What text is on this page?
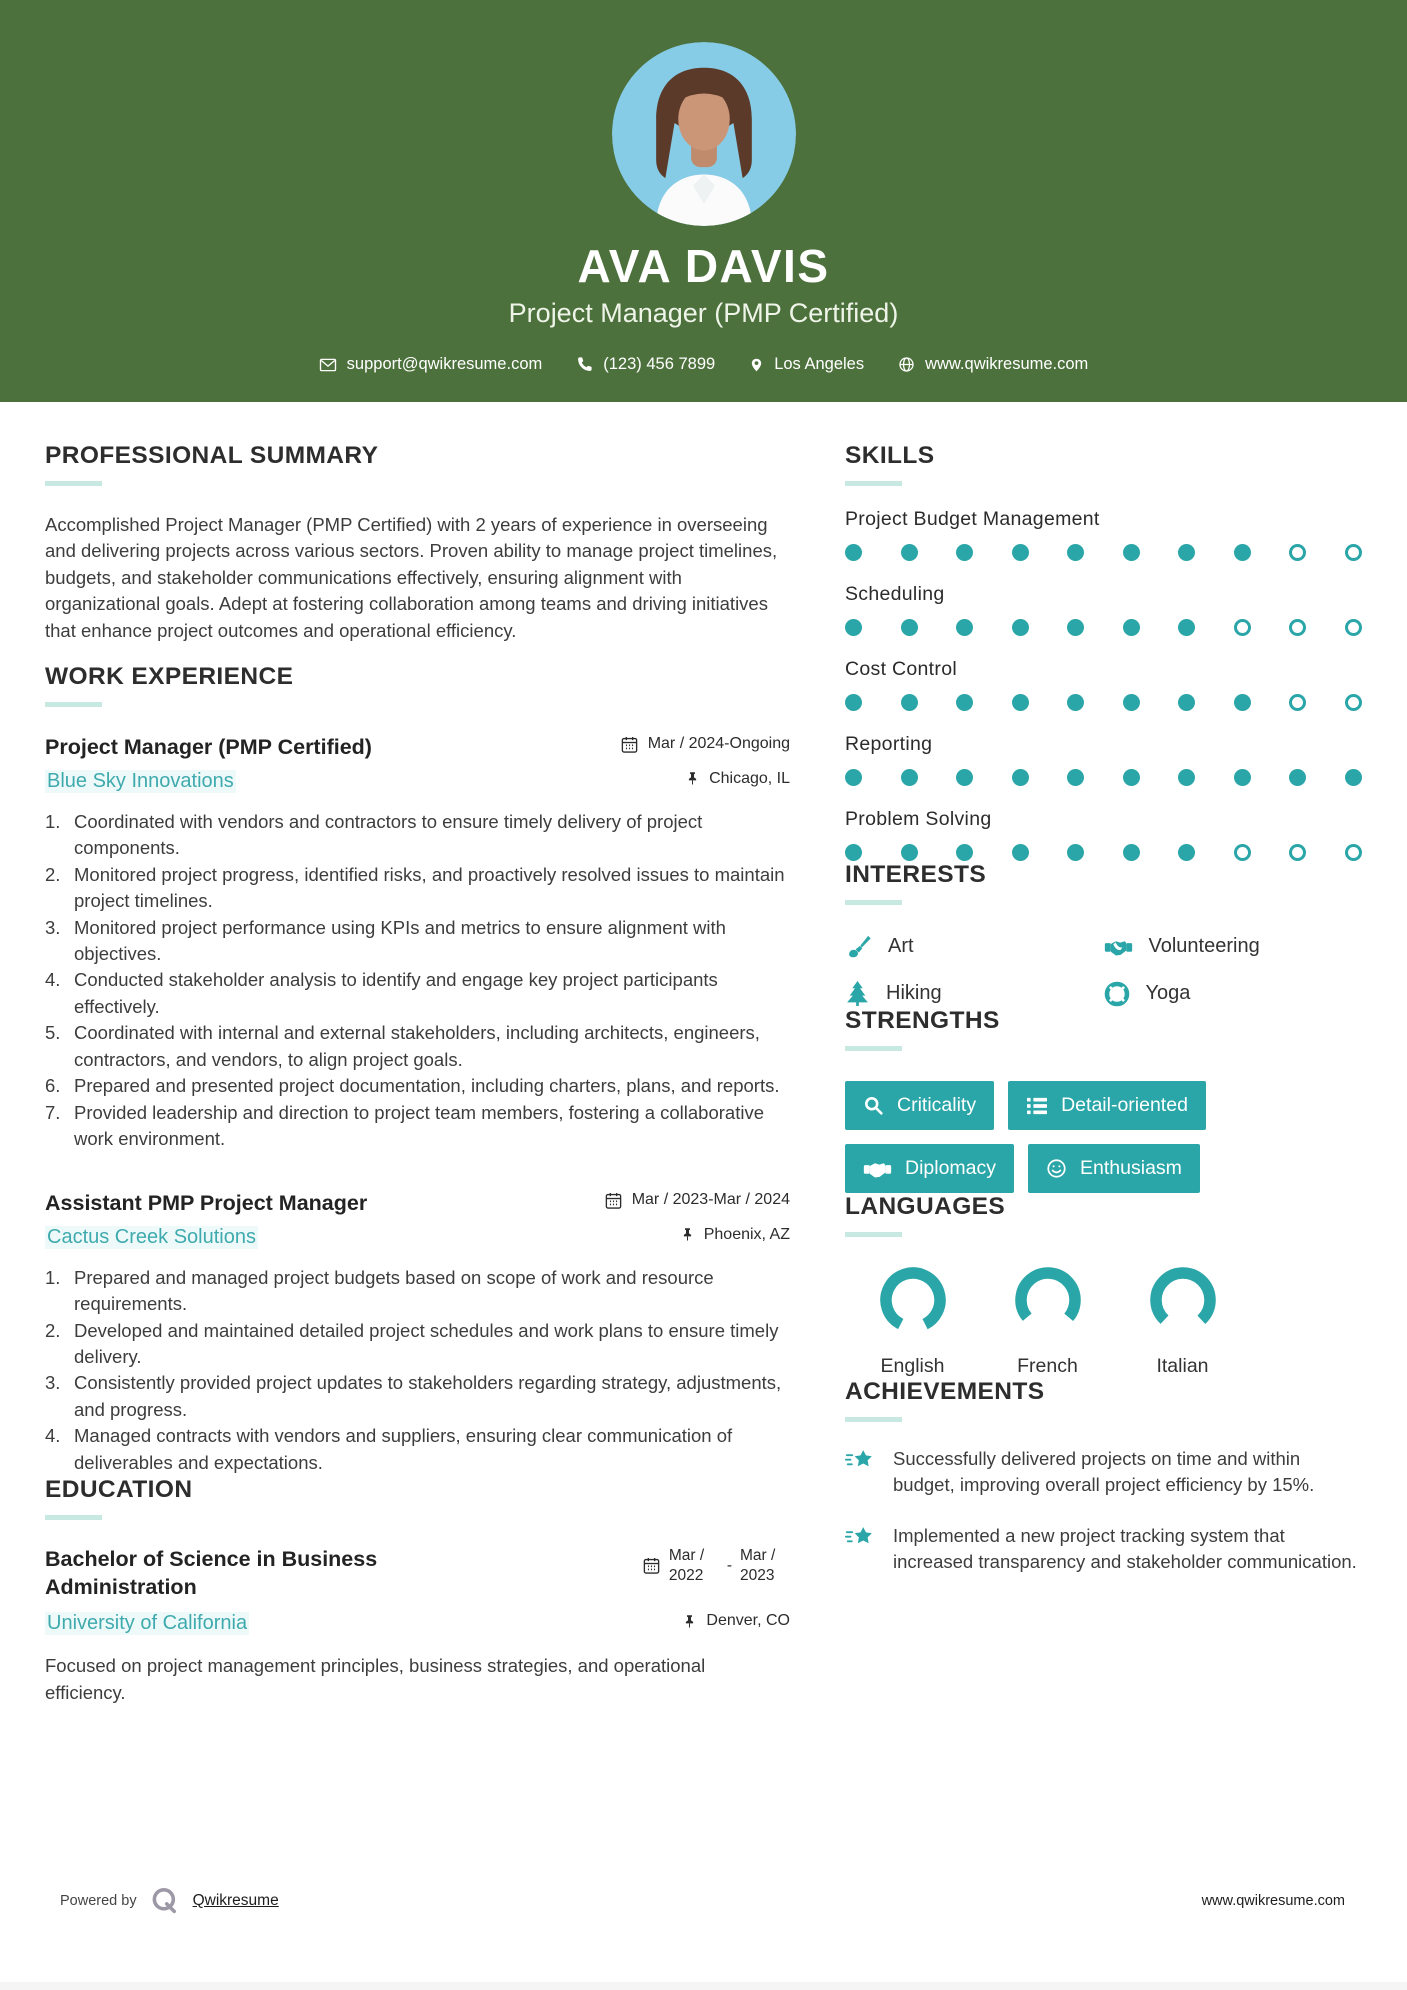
AVA DAVIS
Project Manager (PMP Certified)
support@qwikresume.com	(123) 456 7899	Los Angeles	www.qwikresume.com
PROFESSIONAL SUMMARY

Accomplished Project Manager (PMP Certified) with 2 years of experience in overseeing and delivering projects across various sectors. Proven ability to manage project timelines, budgets, and stakeholder communications effectively, ensuring alignment with organizational goals. Adept at fostering collaboration among teams and driving initiatives that enhance project outcomes and operational efficiency.

WORK EXPERIENCE
Project Manager (PMP Certified)	Mar / 2024-Ongoing
Blue Sky Innovations	Chicago, IL
Coordinated with vendors and contractors to ensure timely delivery of project components.
Monitored project progress, identified risks, and proactively resolved issues to maintain project timelines.
Monitored project performance using KPIs and metrics to ensure alignment with objectives.
Conducted stakeholder analysis to identify and engage key project participants effectively.
Coordinated with internal and external stakeholders, including architects, engineers, contractors, and vendors, to align project goals.
Prepared and presented project documentation, including charters, plans, and reports.
Provided leadership and direction to project team members, fostering a collaborative work environment.
Assistant PMP Project Manager	Mar / 2023-Mar / 2024
Cactus Creek Solutions	Phoenix, AZ
Prepared and managed project budgets based on scope of work and resource requirements.
Developed and maintained detailed project schedules and work plans to ensure timely delivery.
Consistently provided project updates to stakeholders regarding strategy, adjustments, and progress.
Managed contracts with vendors and suppliers, ensuring clear communication of deliverables and expectations.
EDUCATION
Bachelor of Science in Business Administration
Mar / 2022
-
Mar / 2023
University of California	Denver, CO

Focused on project management principles, business strategies, and operational efficiency.

SKILLS
Project Budget Management
Scheduling
Cost Control
Reporting
Problem Solving
INTERESTS
Art	Volunteering
Hiking	Yoga
STRENGTHS
Criticality	Detail-oriented
Diplomacy	Enthusiasm
LANGUAGES
English	French	Italian
ACHIEVEMENTS
Successfully delivered projects on time and within budget, improving overall project efficiency by 15%.
Implemented a new project tracking system that increased transparency and stakeholder communication.
Powered by	Qwikresume	www.qwikresume.com
